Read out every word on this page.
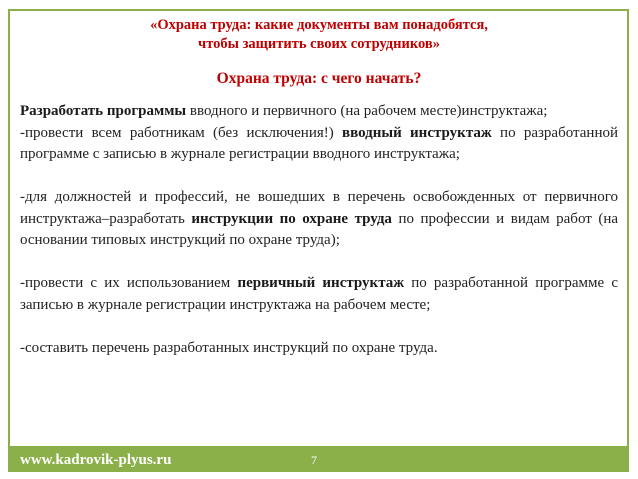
«Охрана труда: какие документы вам понадобятся,
чтобы защитить своих сотрудников»
Охрана труда: с чего начать?

Разработать программы вводного и первичного (на рабочем месте)инструктажа;

-провести всем работникам (без исключения!) вводный инструктаж по разработанной программе с записью в журнале регистрации вводного инструктажа;

-для должностей и профессий, не вошедших в перечень освобожденных от первичного инструктажа–разработать инструкции по охране труда по профессии и видам работ (на основании типовых инструкций по охране труда);

-провести с их использованием первичный инструктаж по разработанной программе с записью в журнале регистрации инструктажа на рабочем месте;

-составить перечень разработанных инструкций по охране труда.

www.kadrovik-plyus.ru	7
